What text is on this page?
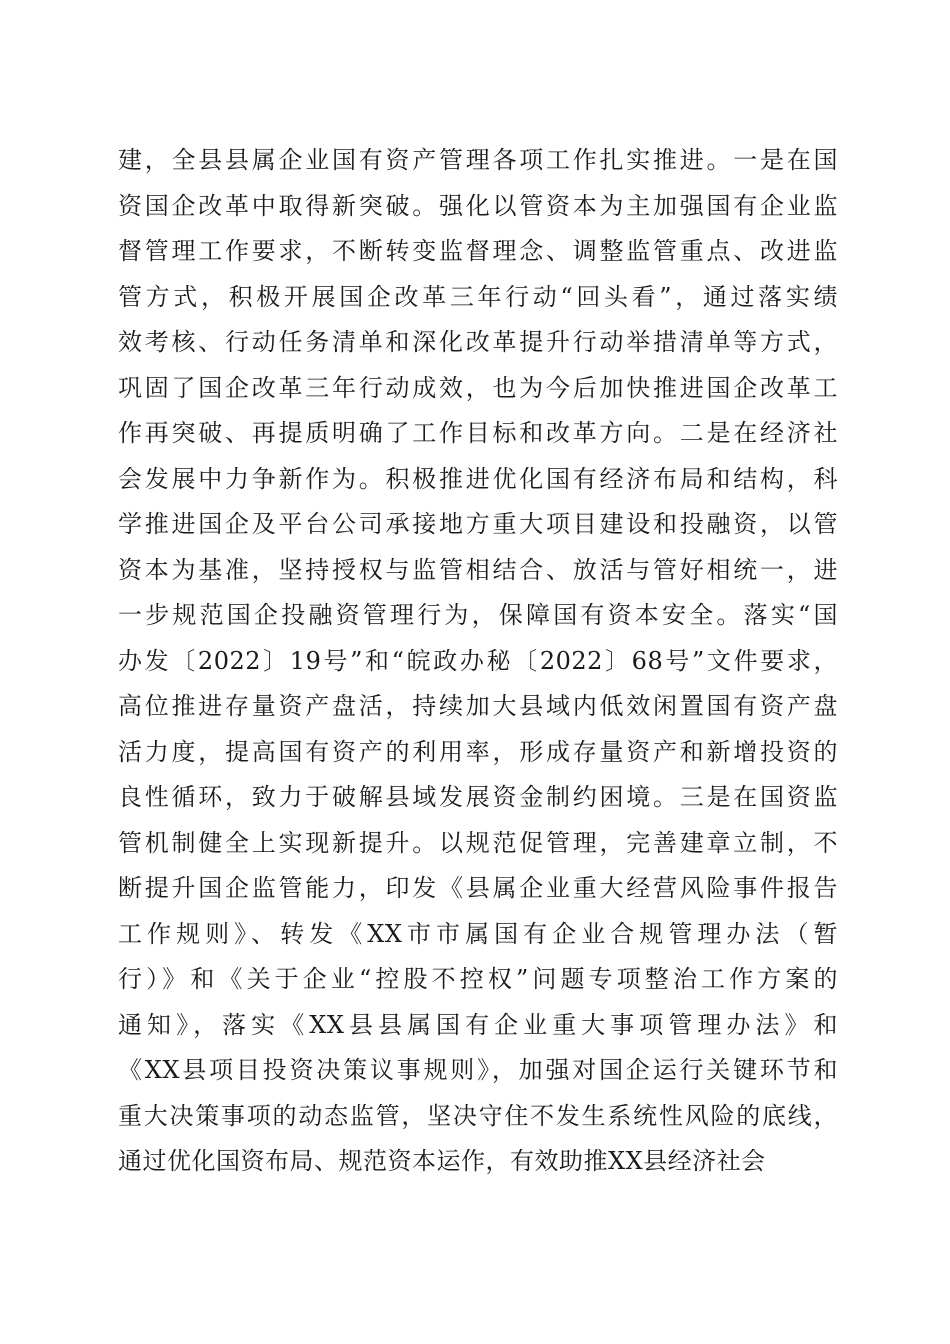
建，全县县属企业国有资产管理各项工作扎实推进。一是在国
资国企改革中取得新突破。强化以管资本为主加强国有企业监
督管理工作要求，不断转变监督理念、调整监管重点、改进监
管方式，积极开展国企改革三年行动“回头看”，通过落实绩
效考核、行动任务清单和深化改革提升行动举措清单等方式，
巩固了国企改革三年行动成效，也为今后加快推进国企改革工
作再突破、再提质明确了工作目标和改革方向。二是在经济社
会发展中力争新作为。积极推进优化国有经济布局和结构，科
学推进国企及平台公司承接地方重大项目建设和投融资，以管
资本为基准，坚持授权与监管相结合、放活与管好相统一，进
一步规范国企投融资管理行为，保障国有资本安全。落实“国
办发〔2022〕19号”和“皖政办秘〔2022〕68号”文件要求，
高位推进存量资产盘活，持续加大县域内低效闲置国有资产盘
活力度，提高国有资产的利用率，形成存量资产和新增投资的
良性循环，致力于破解县域发展资金制约困境。三是在国资监
管机制健全上实现新提升。以规范促管理，完善建章立制，不
断提升国企监管能力，印发《县属企业重大经营风险事件报告
工作规则》、转发《XX市市属国有企业合规管理办法（暂
行）》和《关于企业“控股不控权”问题专项整治工作方案的
通知》，落实《XX县县属国有企业重大事项管理办法》和
《XX县项目投资决策议事规则》，加强对国企运行关键环节和
重大决策事项的动态监管，坚决守住不发生系统性风险的底线，
通过优化国资布局、规范资本运作，有效助推XX县经济社会
